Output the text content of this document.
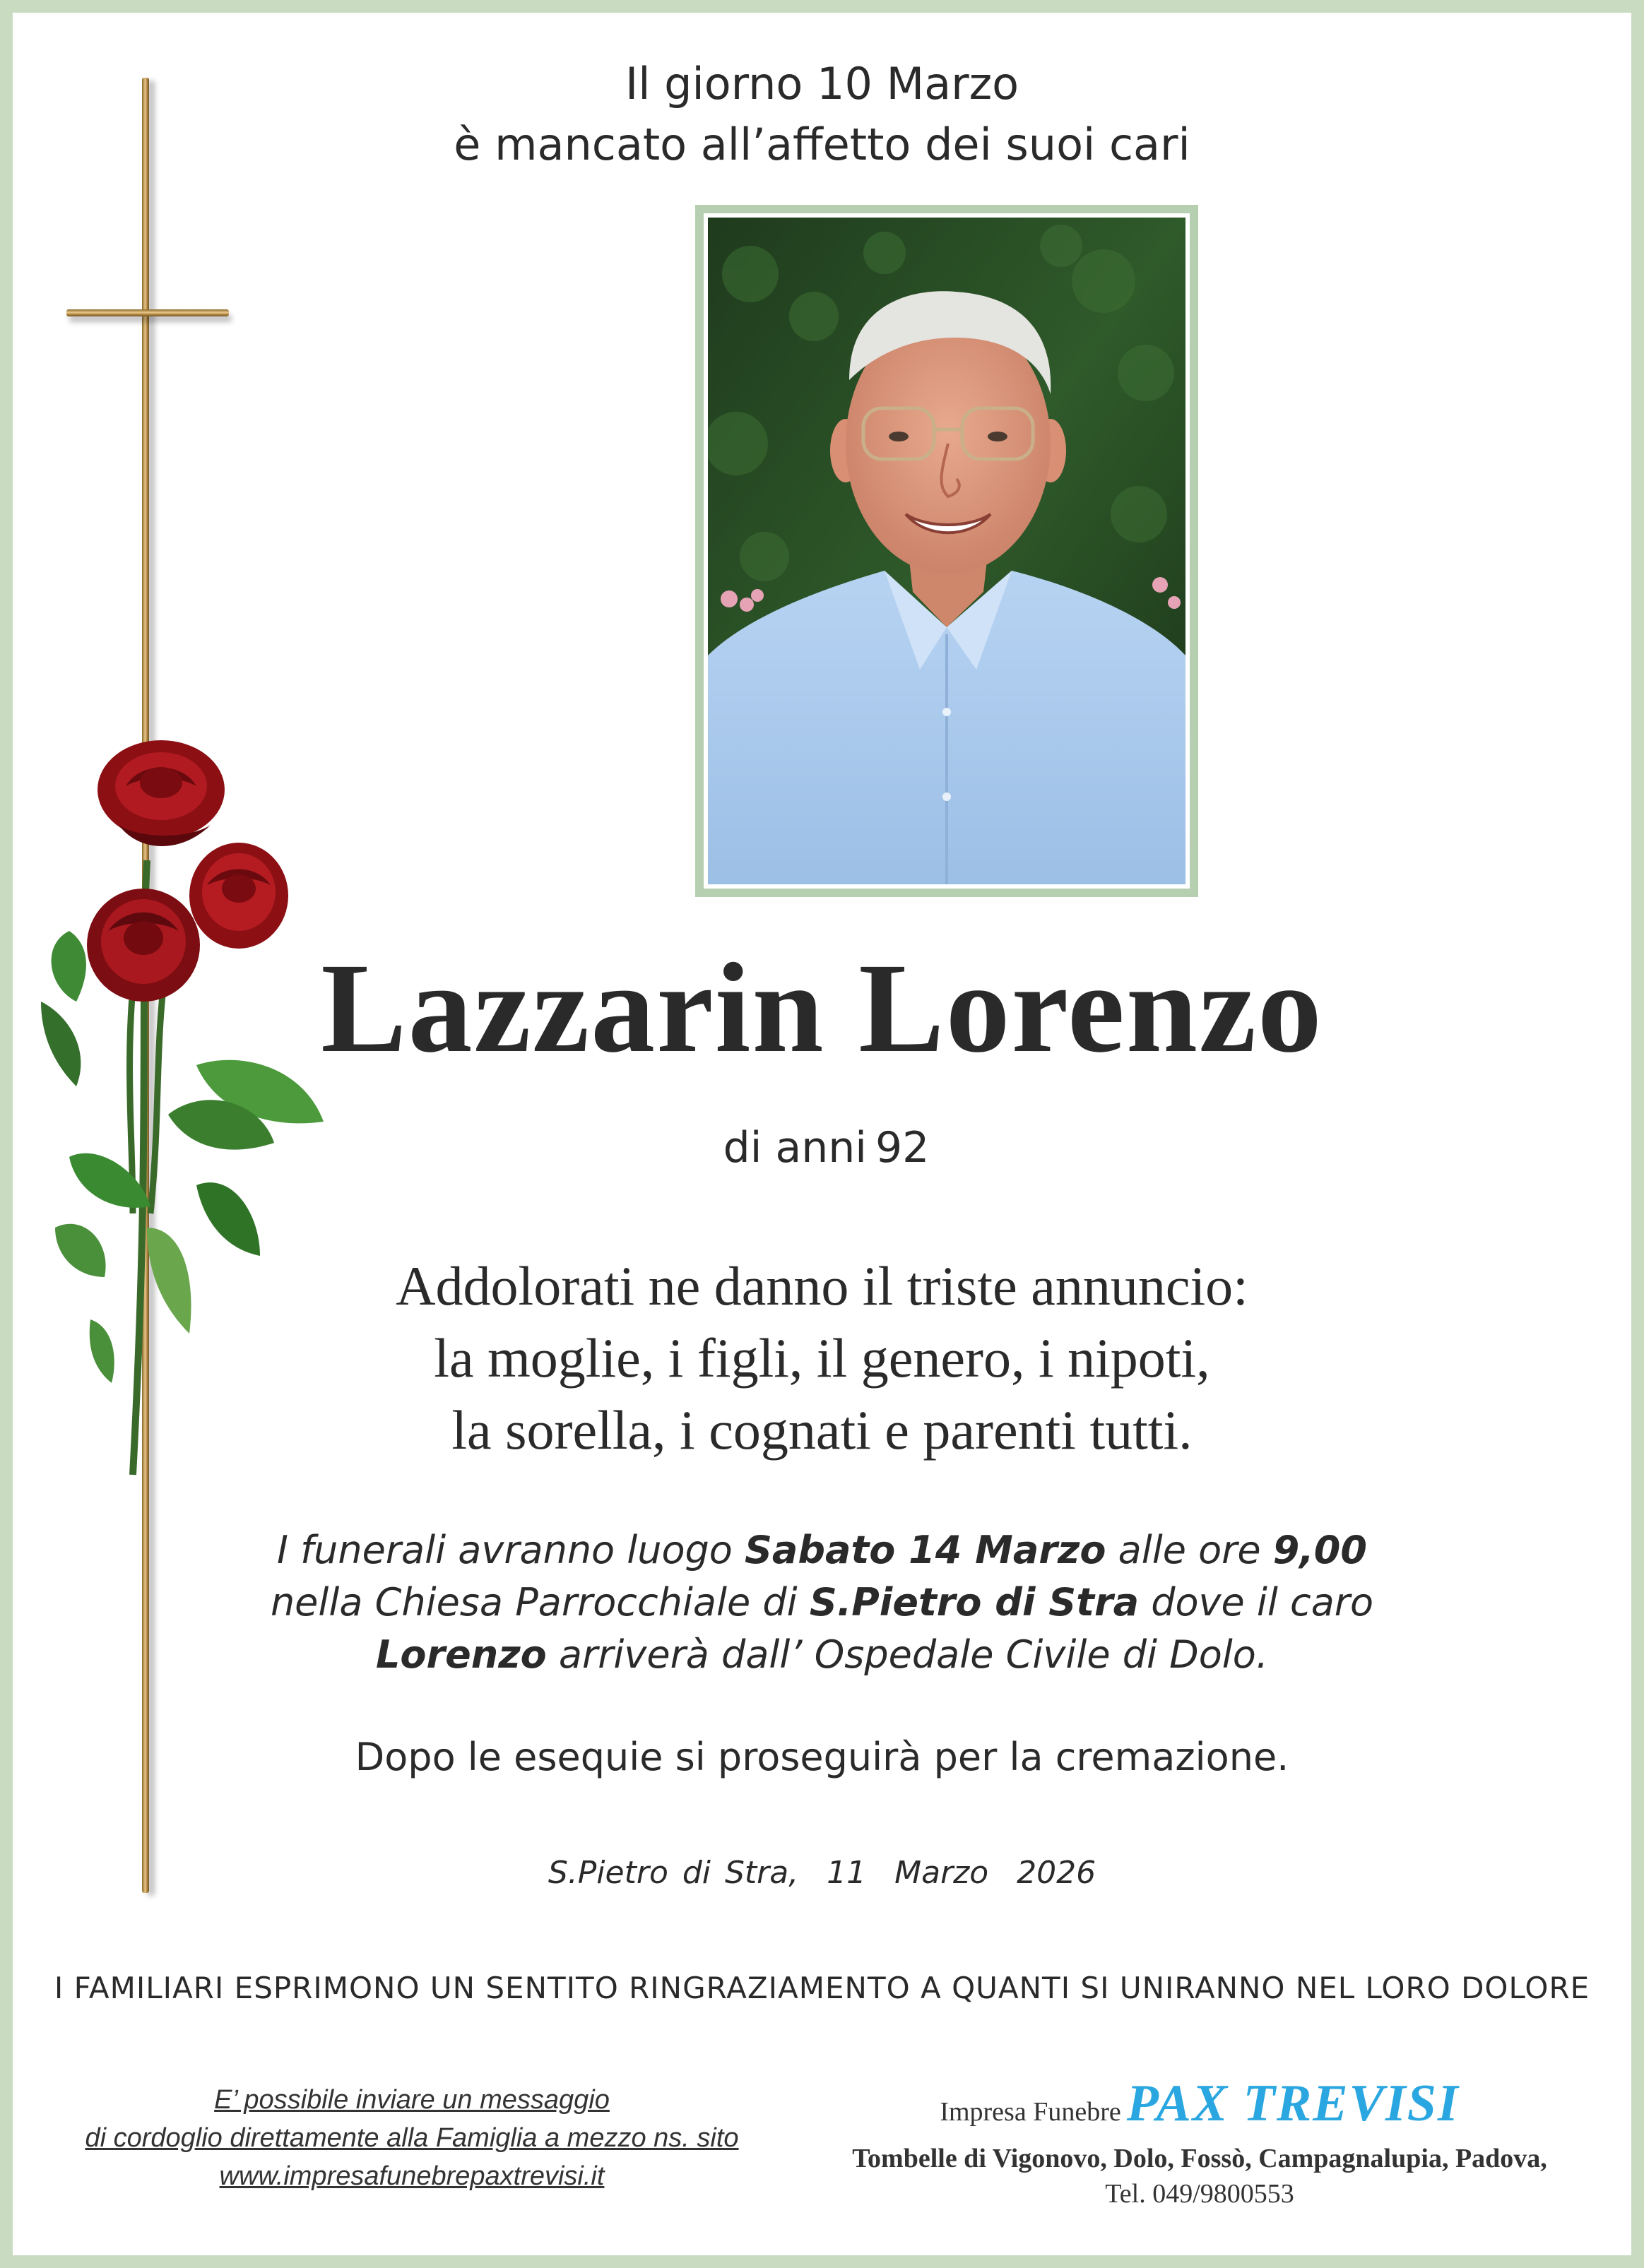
Il giorno 10 Marzo
è mancato all’affetto dei suoi cari
Lazzarin Lorenzo
di anni 92
Addolorati ne danno il triste annuncio:
la moglie, i figli, il genero, i nipoti,
la sorella, i cognati e parenti tutti.
I funerali avranno luogo Sabato 14 Marzo alle ore 9,00
nella Chiesa Parrocchiale di S.Pietro di Stra dove il caro
Lorenzo arriverà dall’ Ospedale Civile di Dolo.
Dopo le esequie si proseguirà per la cremazione.
S.Pietro di Stra,  11  Marzo  2026
I FAMILIARI ESPRIMONO UN SENTITO RINGRAZIAMENTO A QUANTI SI UNIRANNO NEL LORO DOLORE
E’ possibile inviare un messaggio
di cordoglio direttamente alla Famiglia a mezzo ns. sito
www.impresafunebrepaxtrevisi.it
Impresa Funebre PAX TREVISI
Tombelle di Vigonovo, Dolo, Fossò, Campagnalupia, Padova,
Tel. 049/9800553
